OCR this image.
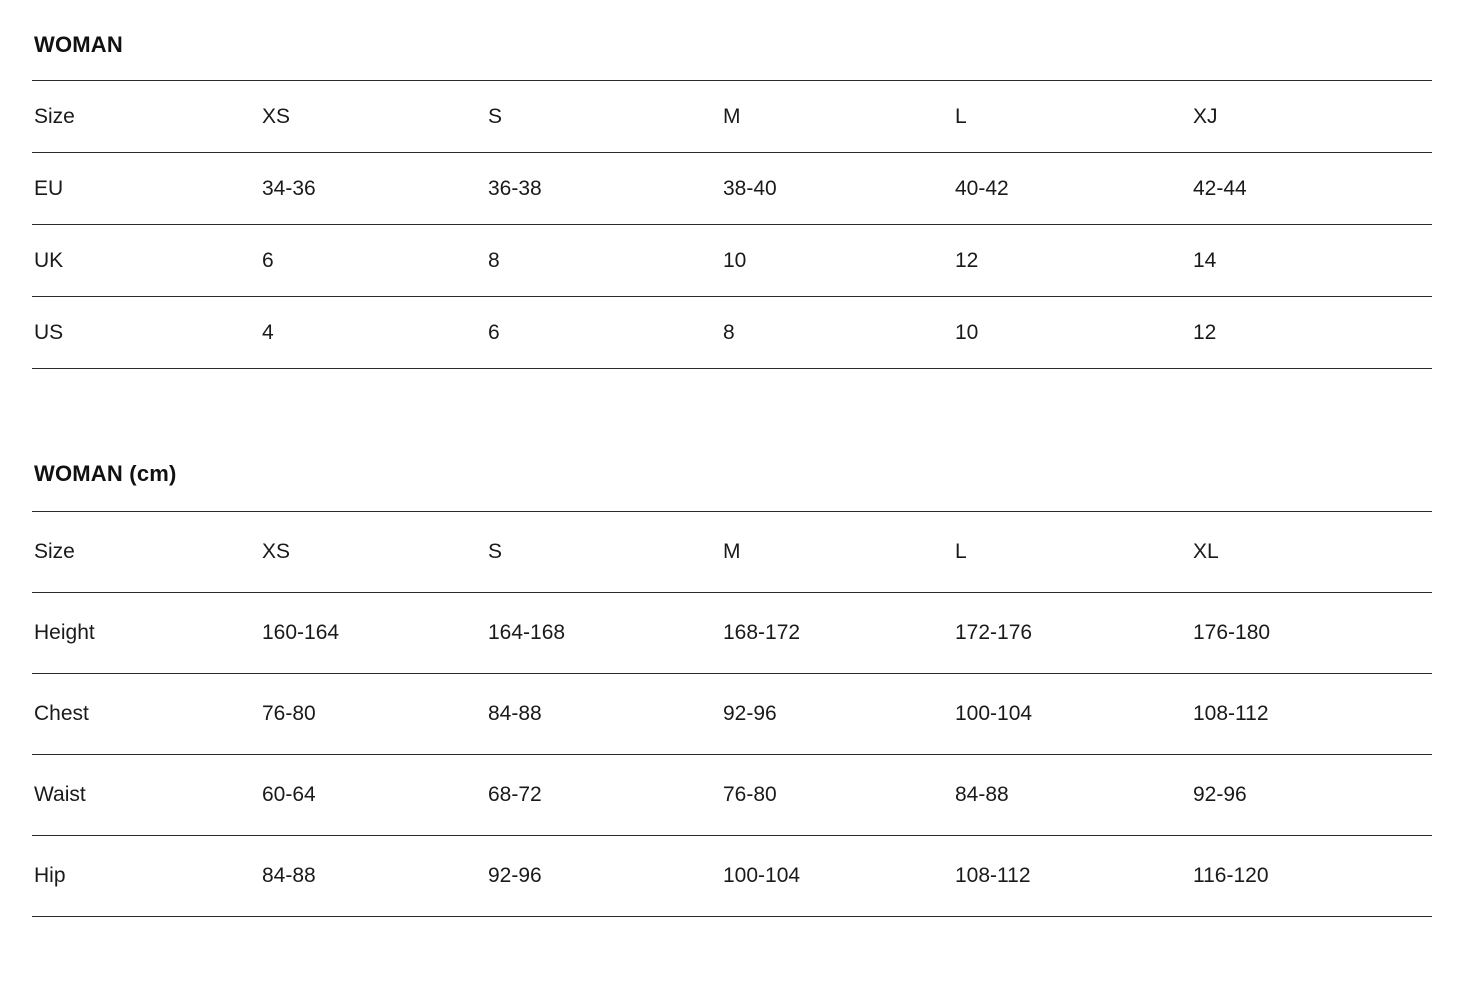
WOMAN
Size	XS	S	M	L	XJ
EU	34-36	36-38	38-40	40-42	42-44
UK	6	8	10	12	14
US	4	6	8	10	12
WOMAN (cm)
Size	XS	S	M	L	XL
Height	160-164	164-168	168-172	172-176	176-180
Chest	76-80	84-88	92-96	100-104	108-112
Waist	60-64	68-72	76-80	84-88	92-96
Hip	84-88	92-96	100-104	108-112	116-120
